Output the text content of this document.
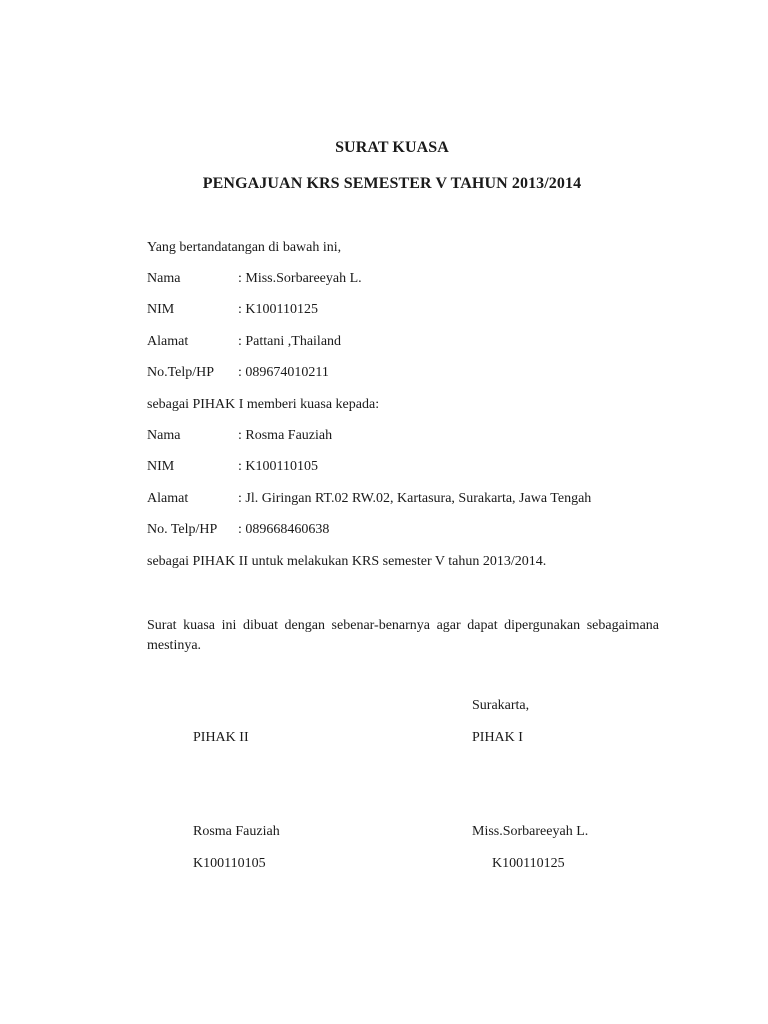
SURAT KUASA
PENGAJUAN KRS SEMESTER V TAHUN 2013/2014
Yang bertandatangan di bawah ini,
Nama	: Miss.Sorbareeyah L.
NIM	: K100110125
Alamat	: Pattani ,Thailand
No.Telp/HP : 089674010211
sebagai PIHAK I memberi kuasa kepada:
Nama	: Rosma Fauziah
NIM	: K100110105
Alamat	: Jl. Giringan RT.02 RW.02, Kartasura, Surakarta, Jawa Tengah
No. Telp/HP : 089668460638
sebagai PIHAK II untuk melakukan KRS semester V tahun 2013/2014.
Surat kuasa ini dibuat dengan sebenar-benarnya agar dapat dipergunakan sebagaimana mestinya.
Surakarta,
PIHAK II	PIHAK I
Rosma Fauziah	Miss.Sorbareeyah L.
K100110105	K100110125
